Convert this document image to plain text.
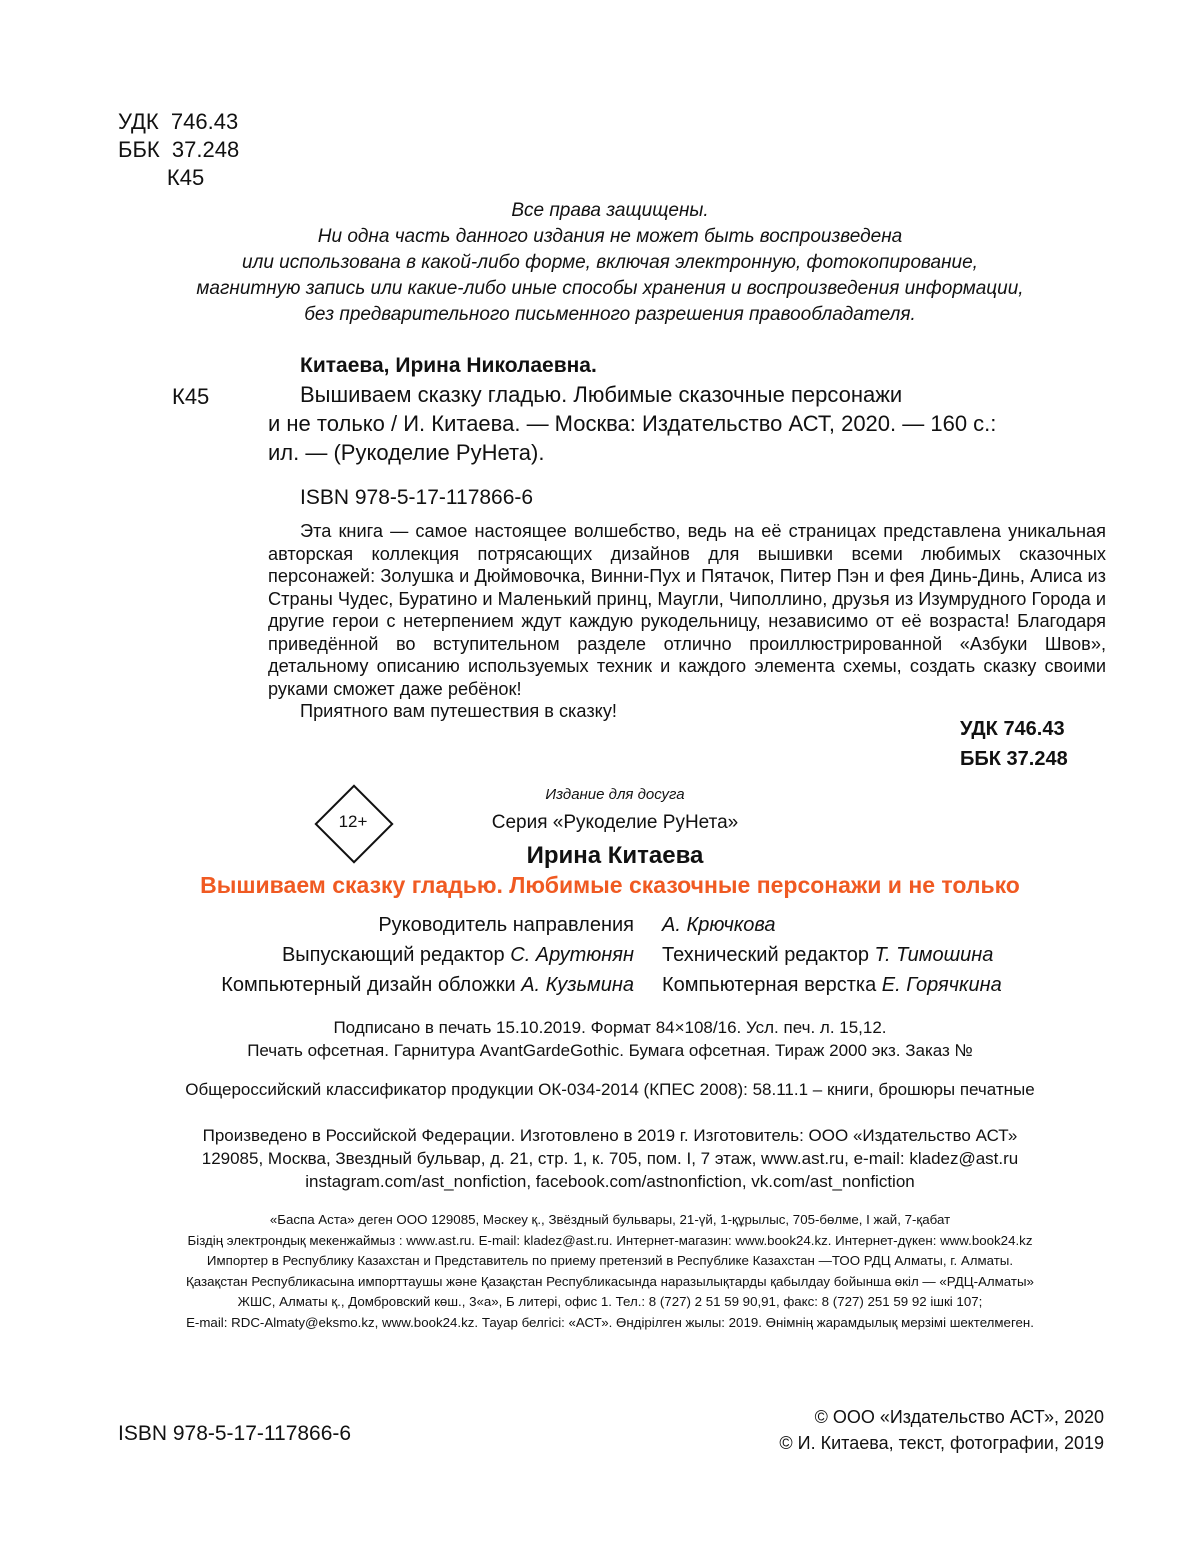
УДК  746.43
ББК  37.248
К45
Все права защищены.
Ни одна часть данного издания не может быть воспроизведена
или использована в какой-либо форме, включая электронную, фотокопирование,
магнитную запись или какие-либо иные способы хранения и воспроизведения информации,
без предварительного письменного разрешения правообладателя.
Китаева, Ирина Николаевна.
К45	Вышиваем сказку гладью. Любимые сказочные персонажи
и не только / И. Китаева. — Москва: Издательство АСТ, 2020. — 160 с.:
ил. — (Рукоделие РуНета).
ISBN 978-5-17-117866-6
Эта книга — самое настоящее волшебство, ведь на её страницах представлена уникальная авторская коллекция потрясающих дизайнов для вышивки всеми любимых сказочных персонажей: Золушка и Дюймовочка, Винни-Пух и Пятачок, Питер Пэн и фея Динь-Динь, Алиса из Страны Чудес, Буратино и Маленький принц, Маугли, Чиполлино, друзья из Изумрудного Города и другие герои с нетерпением ждут каждую рукодельницу, независимо от её возраста! Благодаря приведённой во вступительном разделе отлично проиллюстрированной «Азбуки Швов», детальному описанию используемых техник и каждого элемента схемы, создать сказку своими руками сможет даже ребёнок!
Приятного вам путешествия в сказку!
УДК 746.43
ББК 37.248
12+
Издание для досуга
Серия «Рукоделие РуНета»
Ирина Китаева
Вышиваем сказку гладью. Любимые сказочные персонажи и не только
Руководитель направления	А. Крючкова
Выпускающий редактор С. Арутюнян	Технический редактор Т. Тимошина
Компьютерный дизайн обложки А. Кузьмина	Компьютерная верстка Е. Горячкина
Подписано в печать 15.10.2019. Формат 84×108/16. Усл. печ. л. 15,12.
Печать офсетная. Гарнитура AvantGardeGothic. Бумага офсетная. Тираж 2000 экз. Заказ №
Общероссийский классификатор продукции ОК-034-2014 (КПЕС 2008): 58.11.1 – книги, брошюры печатные
Произведено в Российской Федерации. Изготовлено в 2019 г. Изготовитель: ООО «Издательство АСТ»
129085, Москва, Звездный бульвар, д. 21, стр. 1, к. 705, пом. I, 7 этаж, www.ast.ru, e-mail: kladez@ast.ru
instagram.com/ast_nonfiction, facebook.com/astnonfiction, vk.com/ast_nonfiction
«Баспа Аста» деген ООО 129085, Мәскеу қ., Звёздный бульвары, 21-үй, 1-құрылыс, 705-бөлме, I жай, 7-қабат
Біздің электрондық мекенжаймыз : www.ast.ru. E-mail: kladez@ast.ru. Интернет-магазин: www.book24.kz. Интернет-дүкен: www.book24.kz
Импортер в Республику Казахстан и Представитель по приему претензий в Республике Казахстан —ТОО РДЦ Алматы, г. Алматы.
Қазақстан Республикасына импорттаушы және Қазақстан Республикасында наразылықтарды қабылдау бойынша өкіл — «РДЦ-Алматы»
ЖШС, Алматы қ., Домбровский көш., 3«а», Б литері, офис 1. Тел.: 8 (727) 2 51 59 90,91, факс: 8 (727) 251 59 92 ішкі 107;
E-mail: RDC-Almaty@eksmo.kz, www.book24.kz. Тауар белгісі: «АСТ». Өндірілген жылы: 2019. Өнімнің жарамдылық мерзімі шектелмеген.
ISBN 978-5-17-117866-6
© ООО «Издательство АСТ», 2020
© И. Китаева, текст, фотографии, 2019
